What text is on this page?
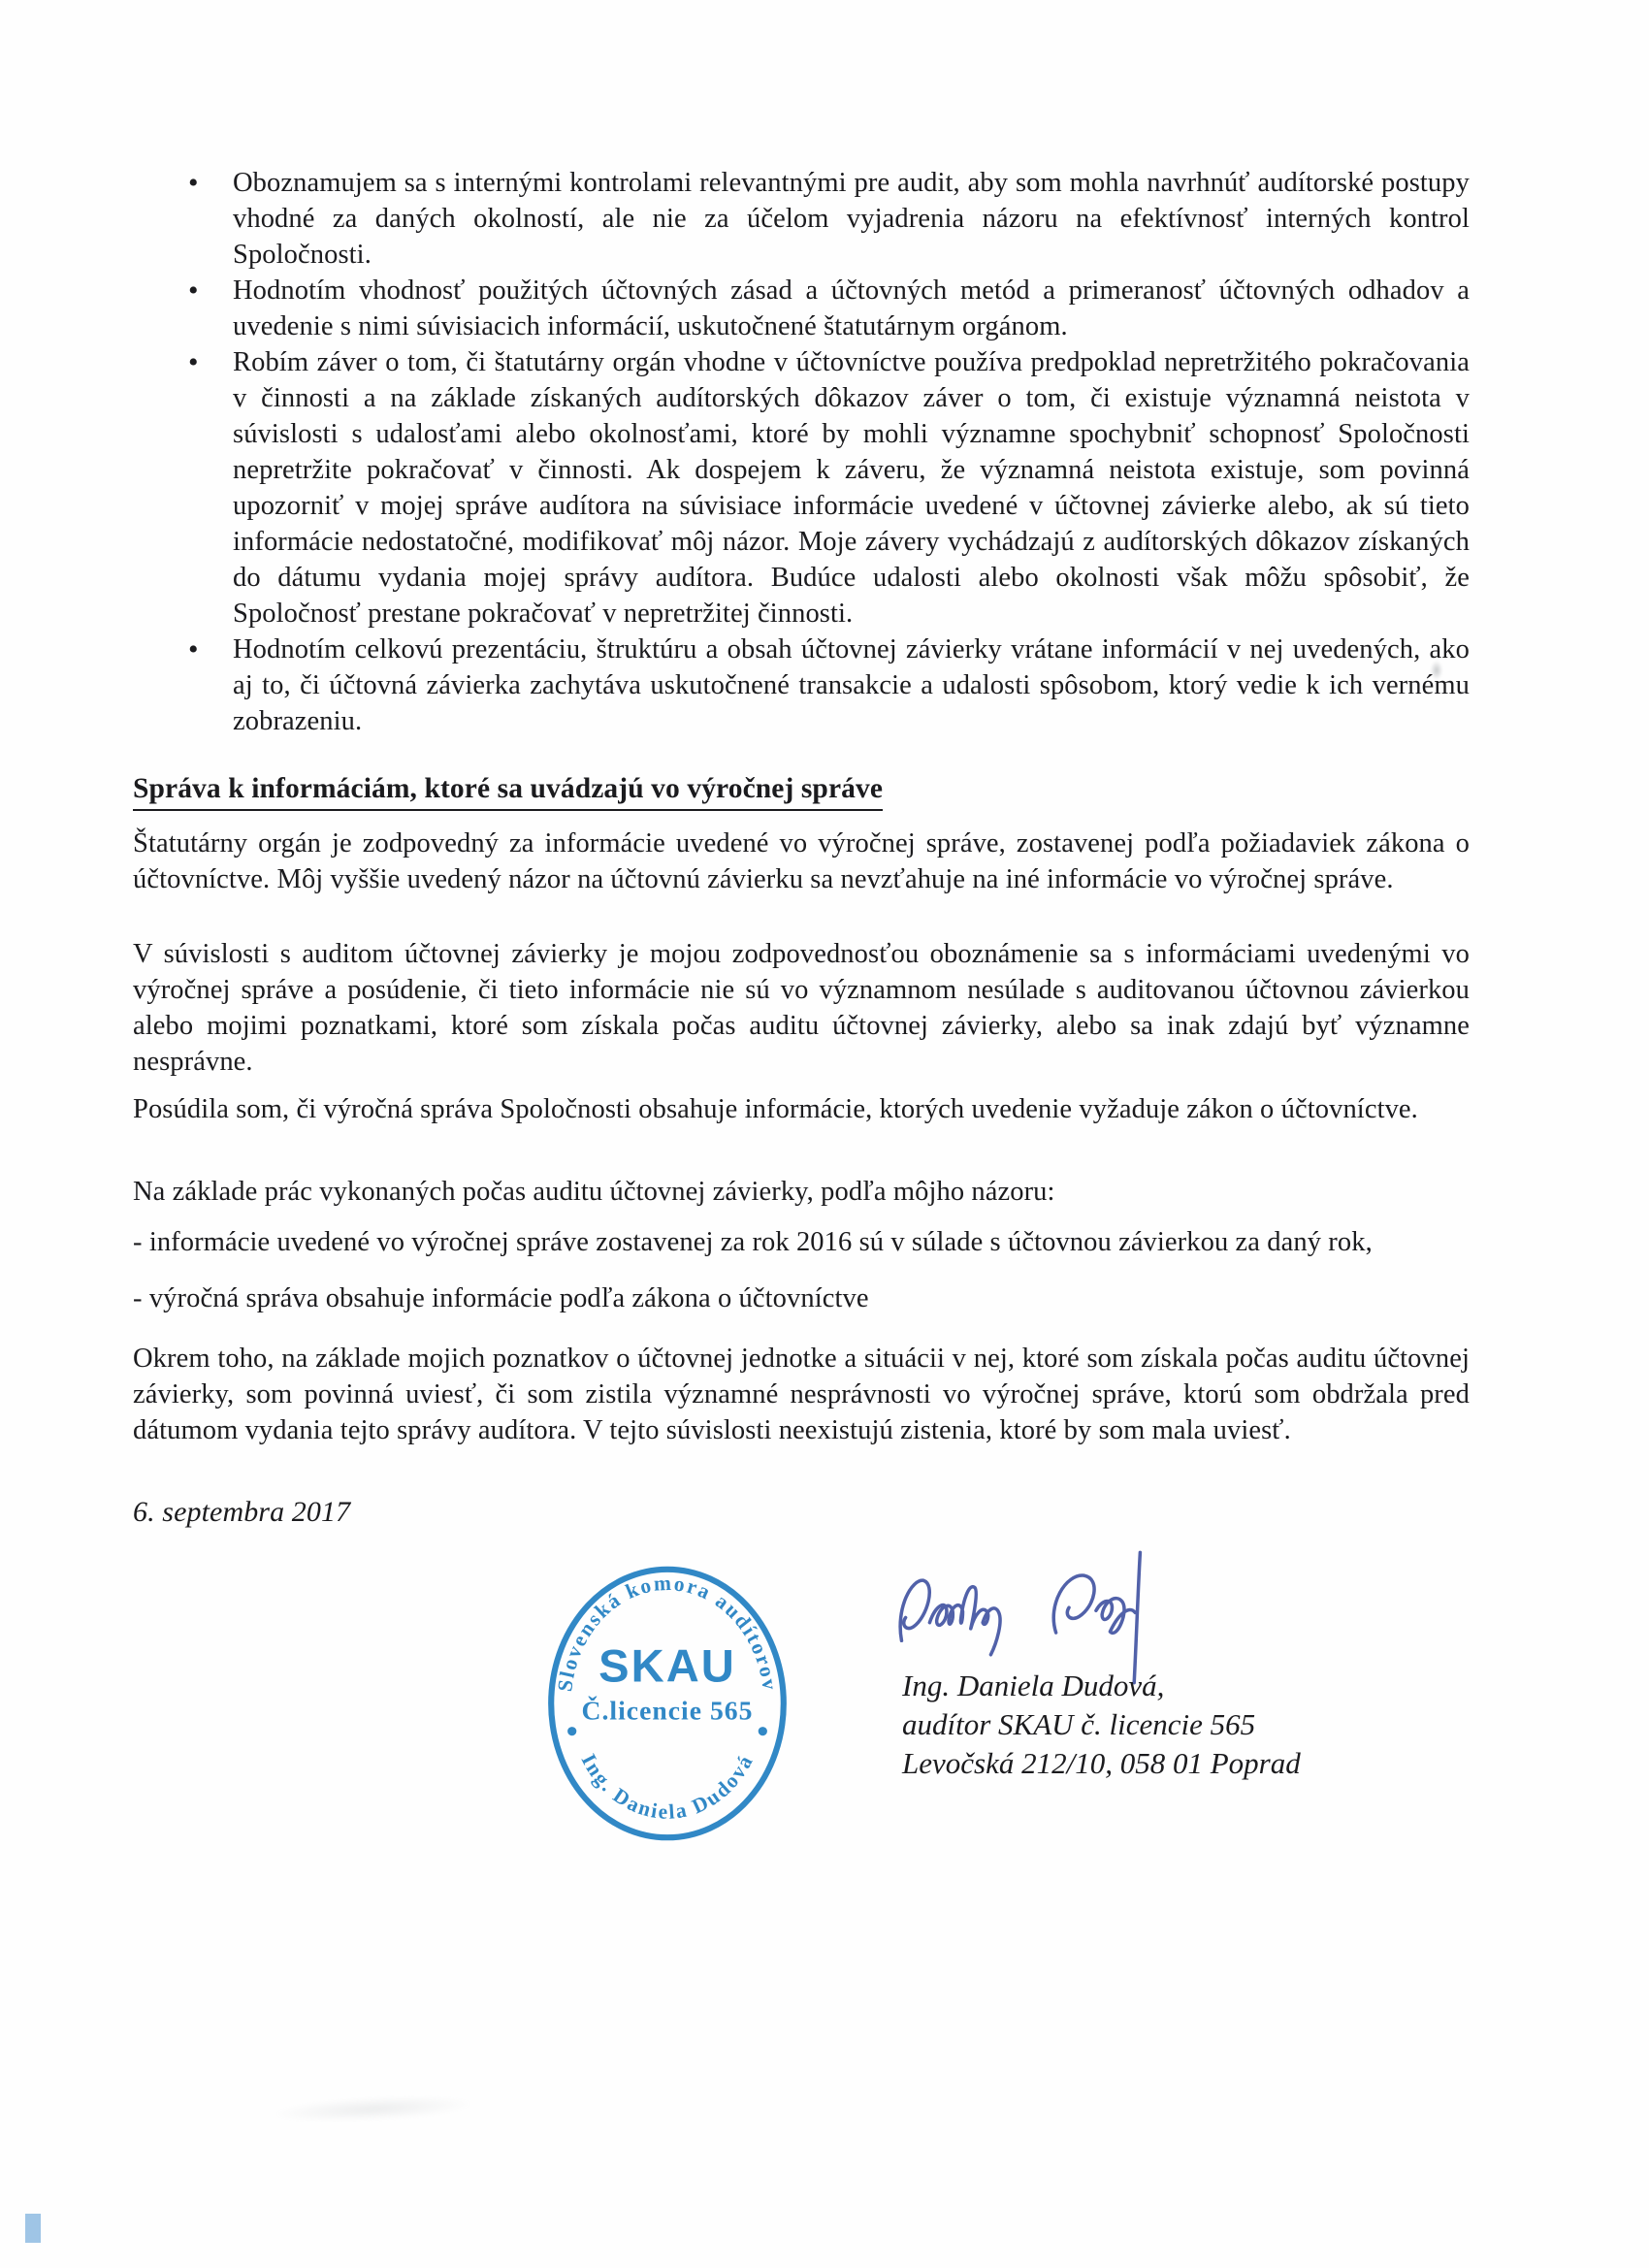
• Oboznamujem sa s internými kontrolami relevantnými pre audit, aby som mohla navrhnúť audítorské postupy vhodné za daných okolností, ale nie za účelom vyjadrenia názoru na efektívnosť interných kontrol Spoločnosti.
• Hodnotím vhodnosť použitých účtovných zásad a účtovných metód a primeranosť účtovných odhadov a uvedenie s nimi súvisiacich informácií, uskutočnené štatutárnym orgánom.
• Robím záver o tom, či štatutárny orgán vhodne v účtovníctve používa predpoklad nepretržitého pokračovania v činnosti a na základe získaných audítorských dôkazov záver o tom, či existuje významná neistota v súvislosti s udalosťami alebo okolnosťami, ktoré by mohli významne spochybniť schopnosť Spoločnosti nepretržite pokračovať v činnosti. Ak dospejem k záveru, že významná neistota existuje, som povinná upozorniť v mojej správe audítora na súvisiace informácie uvedené v účtovnej závierke alebo, ak sú tieto informácie nedostatočné, modifikovať môj názor. Moje závery vychádzajú z audítorských dôkazov získaných do dátumu vydania mojej správy audítora. Budúce udalosti alebo okolnosti však môžu spôsobiť, že Spoločnosť prestane pokračovať v nepretržitej činnosti.
• Hodnotím celkovú prezentáciu, štruktúru a obsah účtovnej závierky vrátane informácií v nej uvedených, ako aj to, či účtovná závierka zachytáva uskutočnené transakcie a udalosti spôsobom, ktorý vedie k ich vernému zobrazeniu.
Správa k informáciám, ktoré sa uvádzajú vo výročnej správe
Štatutárny orgán je zodpovedný za informácie uvedené vo výročnej správe, zostavenej podľa požiadaviek zákona o účtovníctve. Môj vyššie uvedený názor na účtovnú závierku sa nevzťahuje na iné informácie vo výročnej správe.
V súvislosti s auditom účtovnej závierky je mojou zodpovednosťou oboznámenie sa s informáciami uvedenými vo výročnej správe a posúdenie, či tieto informácie nie sú vo významnom nesúlade s auditovanou účtovnou závierkou alebo mojimi poznatkami, ktoré som získala počas auditu účtovnej závierky, alebo sa inak zdajú byť významne nesprávne.
Posúdila som, či výročná správa Spoločnosti obsahuje informácie, ktorých uvedenie vyžaduje zákon o účtovníctve.
Na základe prác vykonaných počas auditu účtovnej závierky, podľa môjho názoru:
- informácie uvedené vo výročnej správe zostavenej za rok 2016 sú v súlade s účtovnou závierkou za daný rok,
- výročná správa obsahuje informácie podľa zákona o účtovníctve
Okrem toho, na základe mojich poznatkov o účtovnej jednotke a situácii v nej, ktoré som získala počas auditu účtovnej závierky, som povinná uviesť, či som zistila významné nesprávnosti vo výročnej správe, ktorú som obdržala pred dátumom vydania tejto správy audítora. V tejto súvislosti neexistujú zistenia, ktoré by som mala uviesť.
6. septembra 2017
Slovenská komora audítorov
SKAU
Č.licencie 565
Ing. Daniela Dudová
Ing. Daniela Dudová,
audítor SKAU č. licencie 565
Levočská 212/10, 058 01 Poprad
